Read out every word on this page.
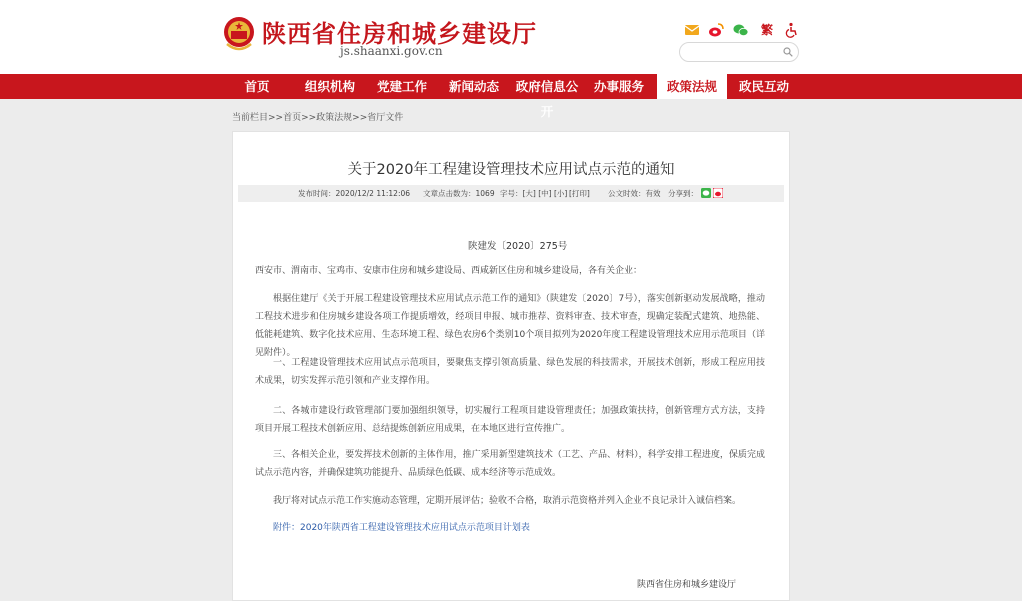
陕西省住房和城乡建设厅
js.shaanxi.gov.cn
繁
首页	组织机构	党建工作	新闻动态	政府信息公开
办事服务	政策法规	政民互动
当前栏目>>首页>>政策法规>>省厅文件
关于2020年工程建设管理技术应用试点示范的通知
发布时间：2020/12/2 11:12:06 文章点击数为：1069 字号：[大] [中] [小] [打印] 公文时效：有效 分享到：
陕建发〔2020〕275号
西安市、渭南市、宝鸡市、安康市住房和城乡建设局、西咸新区住房和城乡建设局，各有关企业：
根据住建厅《关于开展工程建设管理技术应用试点示范工作的通知》（陕建发〔2020〕7号），落实创新驱动发展战略，推动工程技术进步和住房城乡建设各项工作提质增效，经项目申报、城市推荐、资料审查、技术审查，现确定装配式建筑、地热能、低能耗建筑、数字化技术应用、生态环境工程、绿色农房6个类别10个项目拟列为2020年度工程建设管理技术应用示范项目（详见附件）。
一、工程建设管理技术应用试点示范项目，要聚焦支撑引领高质量、绿色发展的科技需求，开展技术创新，形成工程应用技术成果，切实发挥示范引领和产业支撑作用。
二、各城市建设行政管理部门要加强组织领导，切实履行工程项目建设管理责任；加强政策扶持，创新管理方式方法，支持项目开展工程技术创新应用、总结提炼创新应用成果，在本地区进行宣传推广。
三、各相关企业，要发挥技术创新的主体作用，推广采用新型建筑技术（工艺、产品、材料），科学安排工程进度，保质完成试点示范内容，并确保建筑功能提升、品质绿色低碳、成本经济等示范成效。
我厅将对试点示范工作实施动态管理，定期开展评估；验收不合格，取消示范资格并列入企业不良记录计入诚信档案。
附件：2020年陕西省工程建设管理技术应用试点示范项目计划表
陕西省住房和城乡建设厅
